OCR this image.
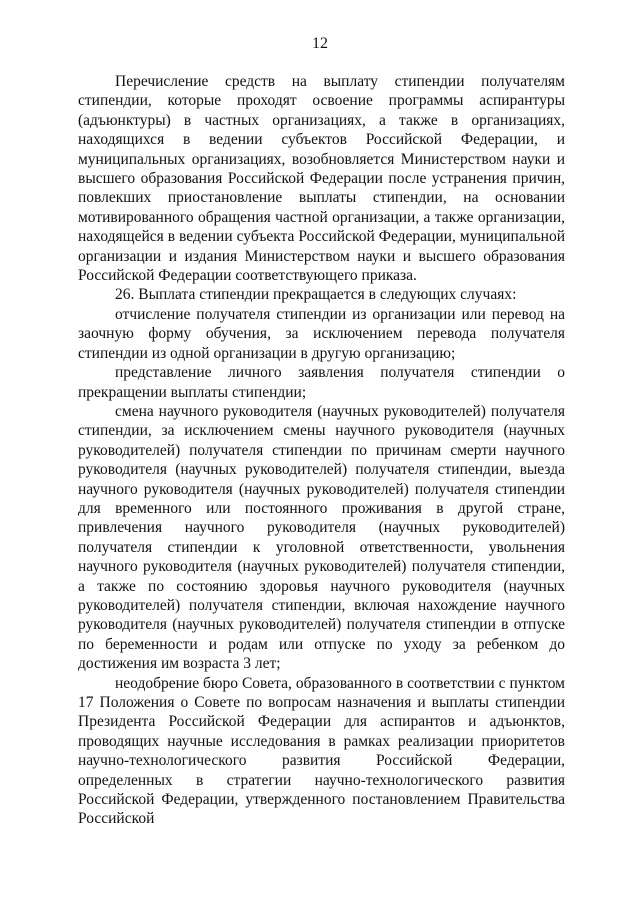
12

Перечисление средств на выплату стипендии получателям стипендии, которые проходят освоение программы аспирантуры (адъюнктуры) в частных организациях, а также в организациях, находящихся в ведении субъектов Российской Федерации, и муниципальных организациях, возобновляется Министерством науки и высшего образования Российской Федерации после устранения причин, повлекших приостановление выплаты стипендии, на основании мотивированного обращения частной организации, а также организации, находящейся в ведении субъекта Российской Федерации, муниципальной организации и издания Министерством науки и высшего образования Российской Федерации соответствующего приказа.

26. Выплата стипендии прекращается в следующих случаях:

отчисление получателя стипендии из организации или перевод на заочную форму обучения, за исключением перевода получателя стипендии из одной организации в другую организацию;

представление личного заявления получателя стипендии о прекращении выплаты стипендии;

смена научного руководителя (научных руководителей) получателя стипендии, за исключением смены научного руководителя (научных руководителей) получателя стипендии по причинам смерти научного руководителя (научных руководителей) получателя стипендии, выезда научного руководителя (научных руководителей) получателя стипендии для временного или постоянного проживания в другой стране, привлечения научного руководителя (научных руководителей) получателя стипендии к уголовной ответственности, увольнения научного руководителя (научных руководителей) получателя стипендии, а также по состоянию здоровья научного руководителя (научных руководителей) получателя стипендии, включая нахождение научного руководителя (научных руководителей) получателя стипендии в отпуске по беременности и родам или отпуске по уходу за ребенком до достижения им возраста 3 лет;

неодобрение бюро Совета, образованного в соответствии с пунктом 17 Положения о Совете по вопросам назначения и выплаты стипендии Президента Российской Федерации для аспирантов и адъюнктов, проводящих научные исследования в рамках реализации приоритетов научно-технологического развития Российской Федерации, определенных в стратегии научно-технологического развития Российской Федерации, утвержденного постановлением Правительства Российской
